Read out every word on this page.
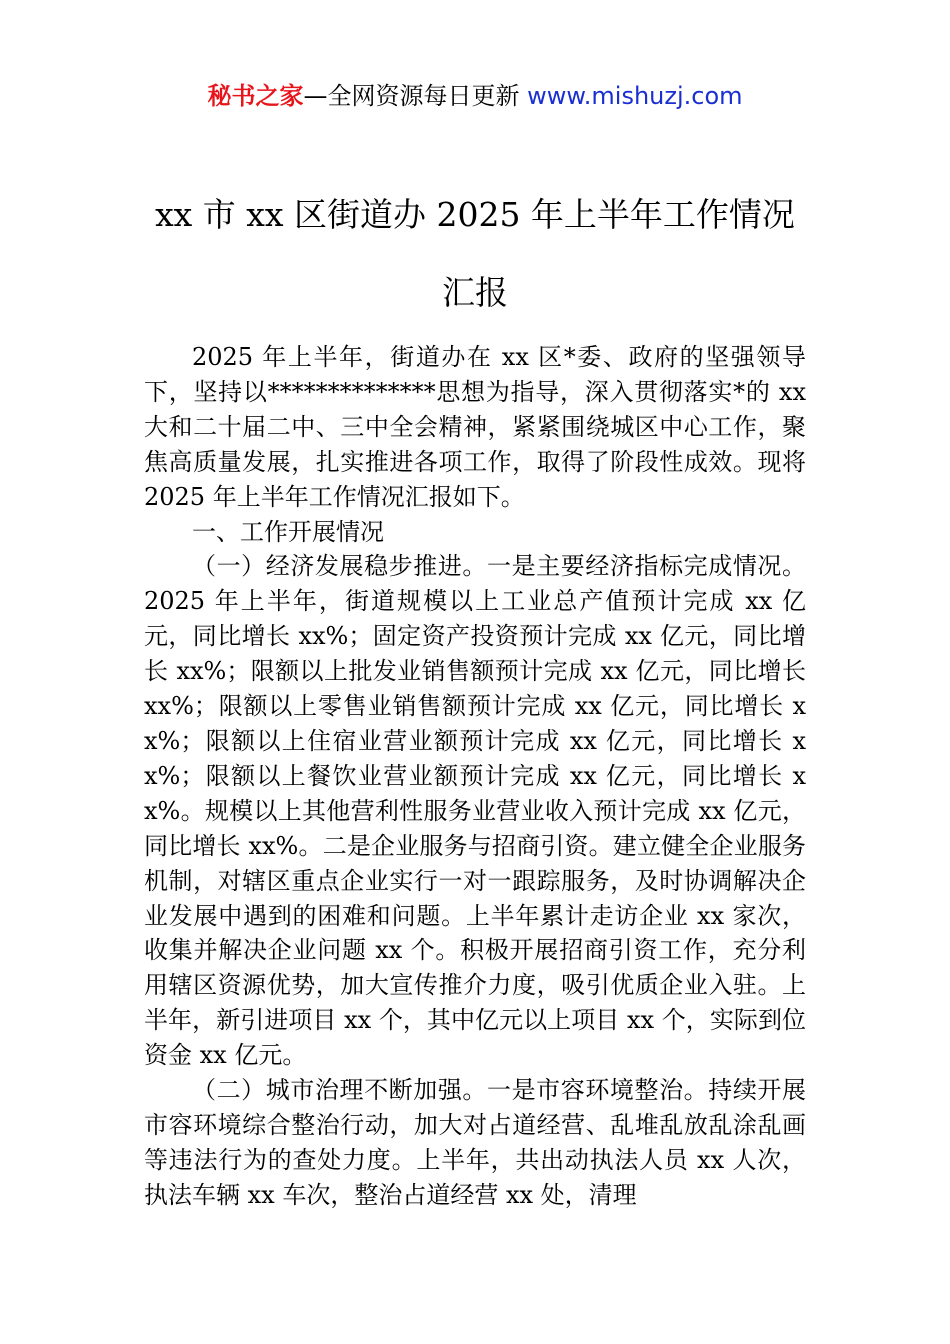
秘书之家—全网资源每日更新 www.mishuzj.com
xx 市 xx 区街道办 2025 年上半年工作情况
汇报

2025 年上半年，街道办在 xx 区*委、政府的坚强领导下，坚持以**************思想为指导，深入贯彻落实*的 xx 大和二十届二中、三中全会精神，紧紧围绕城区中心工作，聚焦高质量发展，扎实推进各项工作，取得了阶段性成效。现将 2025 年上半年工作情况汇报如下。

一、工作开展情况

（一）经济发展稳步推进。一是主要经济指标完成情况。2025 年上半年，街道规模以上工业总产值预计完成 xx 亿元，同比增长 xx%；固定资产投资预计完成 xx 亿元，同比增长 xx%；限额以上批发业销售额预计完成 xx 亿元，同比增长 xx%；限额以上零售业销售额预计完成 xx 亿元，同比增长 xx%；限额以上住宿业营业额预计完成 xx 亿元，同比增长 xx%；限额以上餐饮业营业额预计完成 xx 亿元，同比增长 xx%。规模以上其他营利性服务业营业收入预计完成 xx 亿元，同比增长 xx%。二是企业服务与招商引资。建立健全企业服务机制，对辖区重点企业实行一对一跟踪服务，及时协调解决企业发展中遇到的困难和问题。上半年累计走访企业 xx 家次，收集并解决企业问题 xx 个。积极开展招商引资工作，充分利用辖区资源优势，加大宣传推介力度，吸引优质企业入驻。上半年，新引进项目 xx 个，其中亿元以上项目 xx 个，实际到位资金 xx 亿元。

（二）城市治理不断加强。一是市容环境整治。持续开展市容环境综合整治行动，加大对占道经营、乱堆乱放乱涂乱画等违法行为的查处力度。上半年，共出动执法人员 xx 人次，执法车辆 xx 车次，整治占道经营 xx 处，清理
